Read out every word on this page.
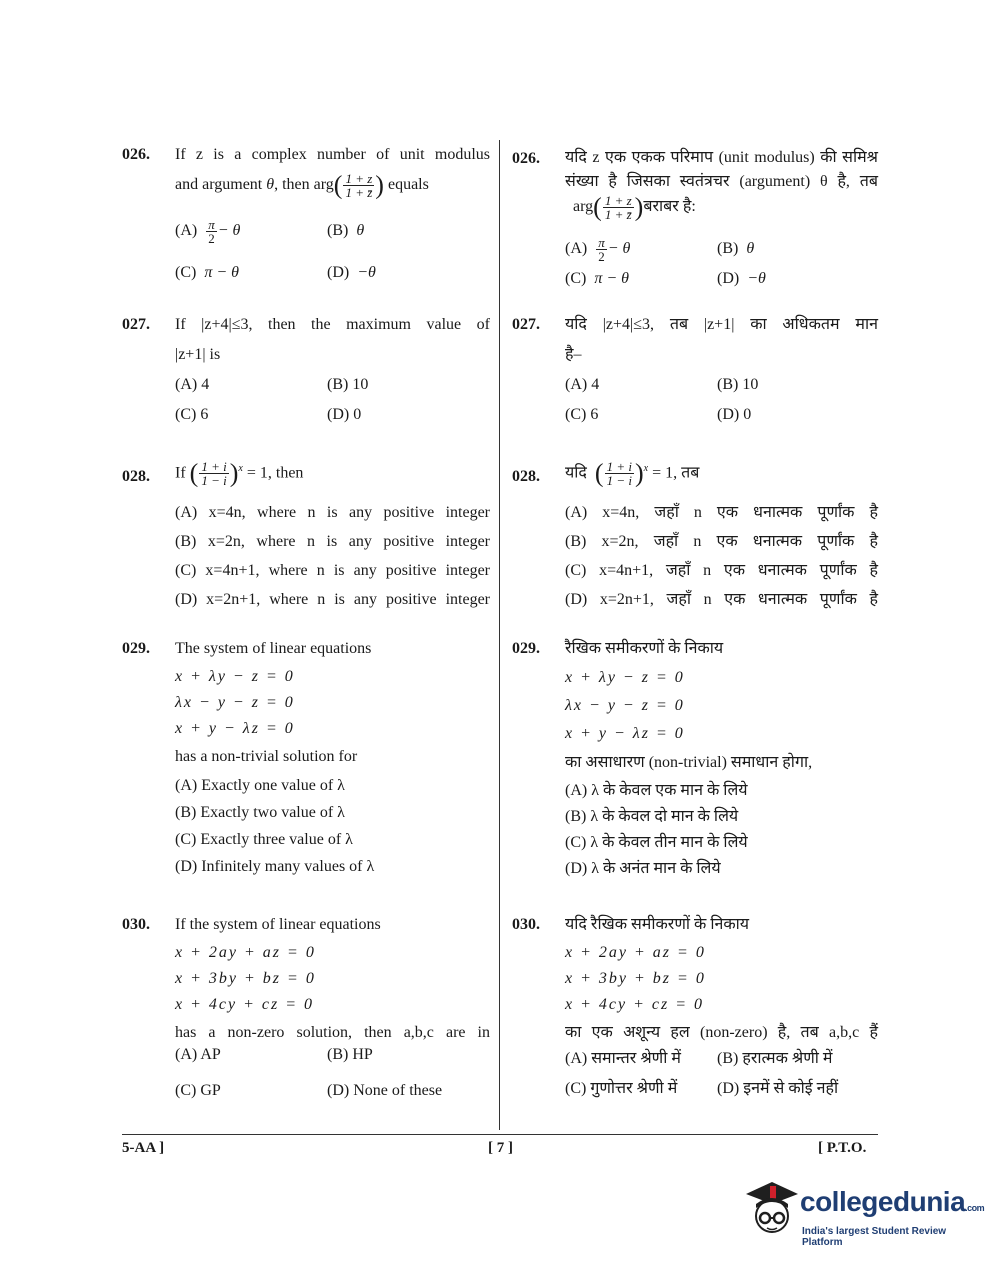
026. If z is a complex number of unit modulus
and argument θ, then $arg( \frac{1 + z}{1 + z̄}$ ) equals
$(A) \frac{\pi}{2} - \theta$	(B) θ
(C) π − θ	(D) −θ
027. If |z+4|≤3, then the maximum value of
|z+1| is
(A) 4	(B) 10
(C) 6	(D) 0
028. If ( $\frac{1 + i}{1 - i} )^x = 1$, then
(A) x=4n, where n is any positive integer
(B) x=2n, where n is any positive integer
(C) x=4n+1, where n is any positive integer
(D) x=2n+1, where n is any positive integer
029. The system of linear equations
x + λy − z = 0
λx − y − z = 0
x + y − λz = 0
has a non-trivial solution for
(A) Exactly one value of λ
(B) Exactly two value of λ
(C) Exactly three value of λ
(D) Infinitely many values of λ
030. If the system of linear equations
x + 2ay + az = 0
x + 3by + bz = 0
x + 4cy + cz = 0
has a non-zero solution, then a,b,c are in
(A) AP	(B) HP
(C) GP	(D) None of these
026. यदि z एक एकक परिमाप (unit modulus) की समिश्र
संख्या है जिसका स्वतंत्रचर (argument) θ है, तब
$arg( \frac{1 + z}{1 + z̄}$ )बराबर है:
$(A) \frac{\pi}{2} - \theta$	(B) θ
(C) π − θ	(D) −θ
027. यदि |z+4|≤3, तब |z+1| का अधिकतम मान
है–
(A) 4	(B) 10
(C) 6	(D) 0
028. यदि ( $\frac{1 + i}{1 - i} )^x = 1$, तब
(A) x=4n, जहाँ n एक धनात्मक पूर्णांक है
(B) x=2n, जहाँ n एक धनात्मक पूर्णांक है
(C) x=4n+1, जहाँ n एक धनात्मक पूर्णांक है
(D) x=2n+1, जहाँ n एक धनात्मक पूर्णांक है
029. रैखिक समीकरणों के निकाय
x + λy − z = 0
λx − y − z = 0
x + y − λz = 0
का असाधारण (non-trivial) समाधान होगा,
(A) λ के केवल एक मान के लिये
(B) λ के केवल दो मान के लिये
(C) λ के केवल तीन मान के लिये
(D) λ के अनंत मान के लिये
030. यदि रैखिक समीकरणों के निकाय
x + 2ay + az = 0
x + 3by + bz = 0
x + 4cy + cz = 0
का एक अशून्य हल (non-zero) है, तब a,b,c हैं
(A) समान्तर श्रेणी में (B) हरात्मक श्रेणी में
(C) गुणोत्तर श्रेणी में (D) इनमें से कोई नहीं
5-AA ]	[ 7 ]	[ P.T.O.
collegedunia.com
India's largest Student Review Platform
